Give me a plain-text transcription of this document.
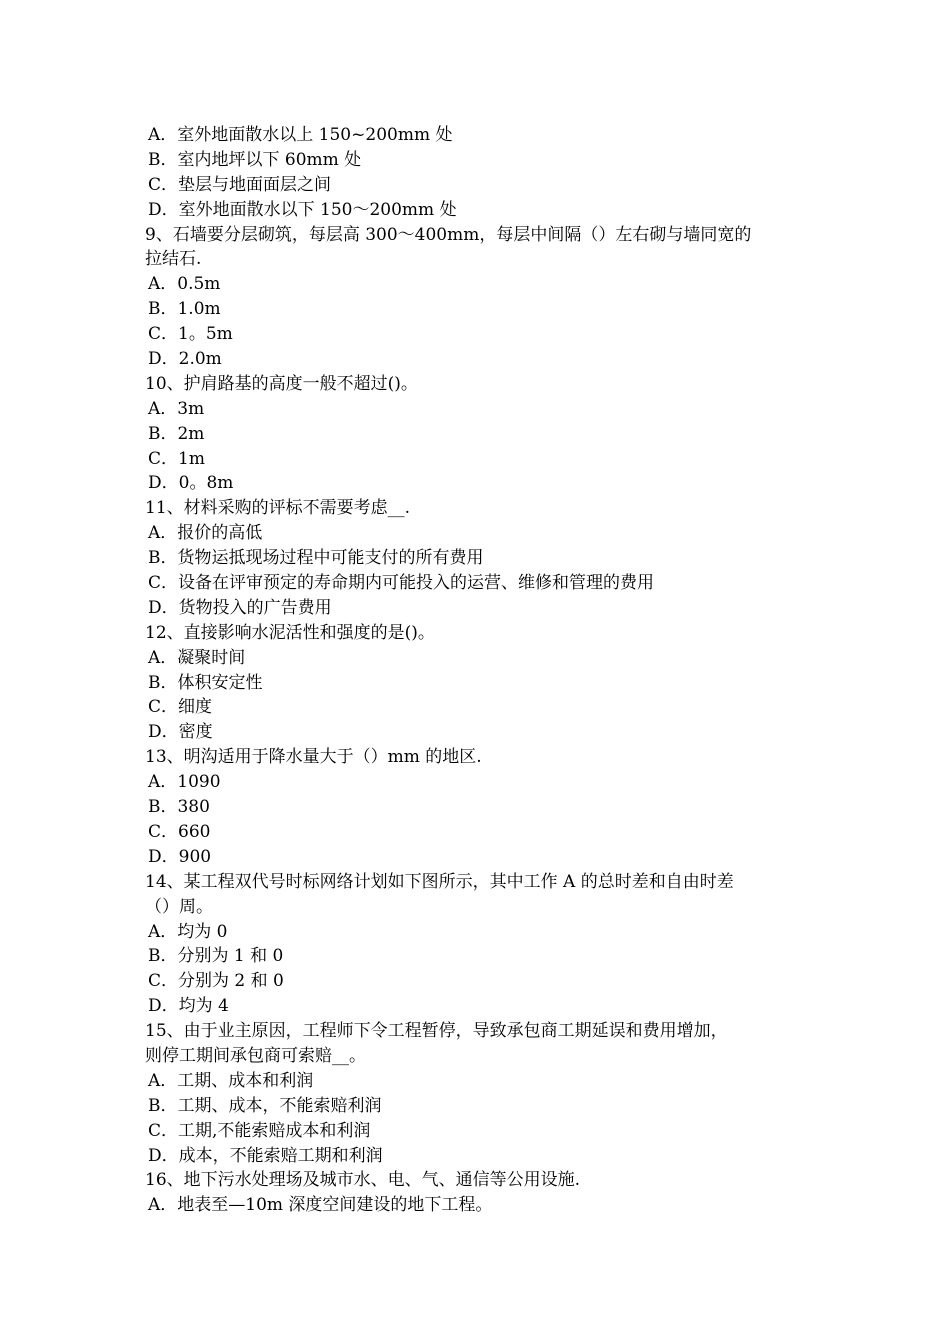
A．室外地面散水以上 150~200mm 处
B．室内地坪以下 60mm 处
C．垫层与地面面层之间
D．室外地面散水以下 150～200mm 处
9、石墙要分层砌筑，每层高 300～400mm，每层中间隔（）左右砌与墙同宽的
拉结石.
A．0.5m
B．1.0m
C．1。5m
D．2.0m
10、护肩路基的高度一般不超过()。
A．3m
B．2m
C．1m
D．0。8m
11、材料采购的评标不需要考虑__.
A．报价的高低
B．货物运抵现场过程中可能支付的所有费用
C．设备在评审预定的寿命期内可能投入的运营、维修和管理的费用
D．货物投入的广告费用
12、直接影响水泥活性和强度的是()。
A．凝聚时间
B．体积安定性
C．细度
D．密度
13、明沟适用于降水量大于（）mm 的地区.
A．1090
B．380
C．660
D．900
14、某工程双代号时标网络计划如下图所示，其中工作 A 的总时差和自由时差
（）周。
A．均为 0
B．分别为 1 和 0
C．分别为 2 和 0
D．均为 4
15、由于业主原因，工程师下令工程暂停，导致承包商工期延误和费用增加，
则停工期间承包商可索赔__。
A．工期、成本和利润
B．工期、成本，不能索赔利润
C．工期,不能索赔成本和利润
D．成本，不能索赔工期和利润
16、地下污水处理场及城市水、电、气、通信等公用设施.
A．地表至—10m 深度空间建设的地下工程。
